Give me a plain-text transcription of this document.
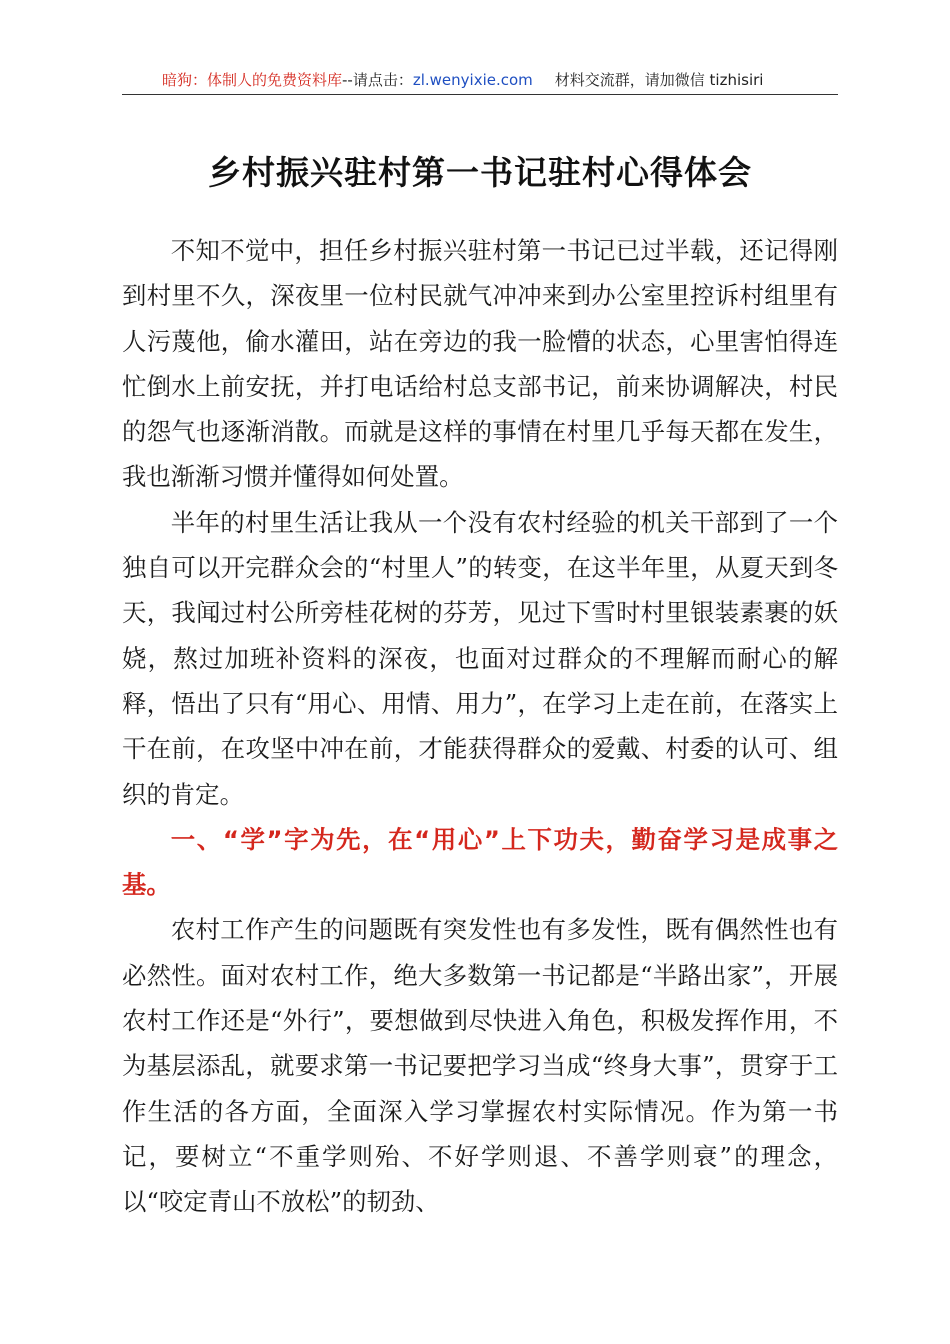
暗狗：体制人的免费资料库--请点击：zl.wenyixie.com 材料交流群，请加微信 tizhisiri
乡村振兴驻村第一书记驻村心得体会

不知不觉中，担任乡村振兴驻村第一书记已过半载，还记得刚到村里不久，深夜里一位村民就气冲冲来到办公室里控诉村组里有人污蔑他，偷水灌田，站在旁边的我一脸懵的状态，心里害怕得连忙倒水上前安抚，并打电话给村总支部书记，前来协调解决，村民的怨气也逐渐消散。而就是这样的事情在村里几乎每天都在发生，我也渐渐习惯并懂得如何处置。

半年的村里生活让我从一个没有农村经验的机关干部到了一个独自可以开完群众会的“村里人”的转变，在这半年里，从夏天到冬天，我闻过村公所旁桂花树的芬芳，见过下雪时村里银装素裹的妖娆，熬过加班补资料的深夜，也面对过群众的不理解而耐心的解释，悟出了只有“用心、用情、用力”，在学习上走在前，在落实上干在前，在攻坚中冲在前，才能获得群众的爱戴、村委的认可、组织的肯定。

一、“学”字为先，在“用心”上下功夫，勤奋学习是成事之基。

农村工作产生的问题既有突发性也有多发性，既有偶然性也有必然性。面对农村工作，绝大多数第一书记都是“半路出家”，开展农村工作还是“外行”，要想做到尽快进入角色，积极发挥作用，不为基层添乱，就要求第一书记要把学习当成“终身大事”，贯穿于工作生活的各方面，全面深入学习掌握农村实际情况。作为第一书记，要树立“不重学则殆、不好学则退、不善学则衰”的理念，以“咬定青山不放松”的韧劲、
